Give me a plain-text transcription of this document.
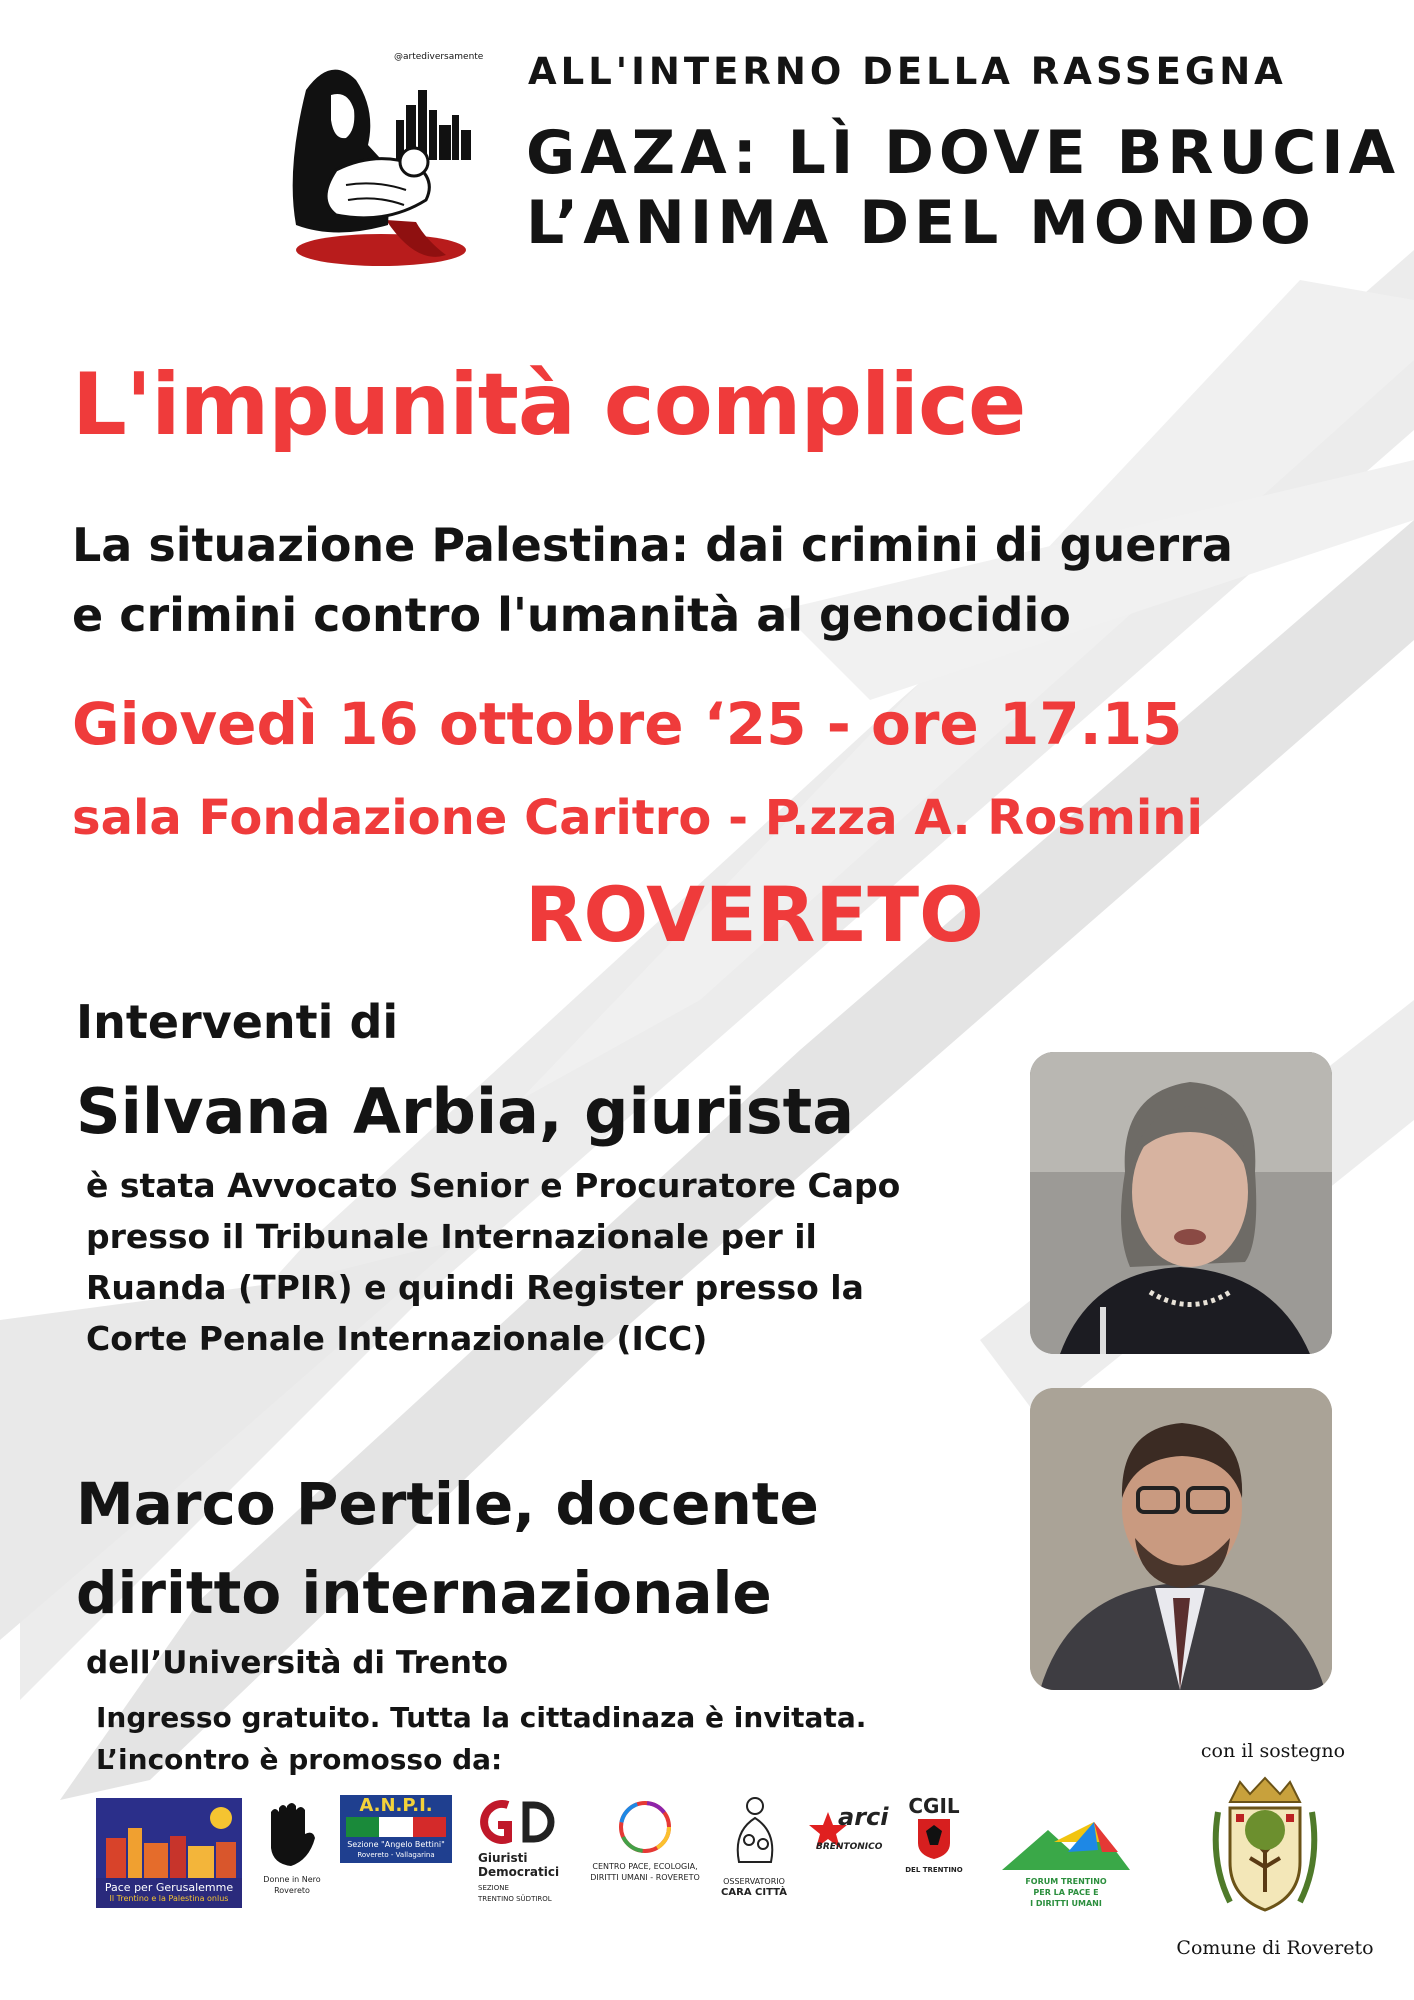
@artediversamente ALL'INTERNO DELLA RASSEGNA
GAZA: LÌ DOVE BRUCIA
L’ANIMA DEL MONDO
L'impunità complice
La situazione Palestina: dai crimini di guerra
e crimini contro l'umanità al genocidio
Giovedì 16 ottobre ‘25 - ore 17.15
sala Fondazione Caritro - P.zza A. Rosmini
ROVERETO
Interventi di
Silvana Arbia, giurista
è stata Avvocato Senior e Procuratore Capo
presso il Tribunale Internazionale per il
Ruanda (TPIR) e quindi Register presso la
Corte Penale Internazionale (ICC)
Marco Pertile, docente
diritto internazionale
dell’Università di Trento
Ingresso gratuito. Tutta la cittadinaza è invitata.
L’incontro è promosso da:
Pace per Gerusalemme
Il Trentino e la Palestina onlus
Donne in Nero
Rovereto
A.N.P.I.
Sezione "Angelo Bettini"
Rovereto - Vallagarina	Giuristi
Democratici
SEZIONE
TRENTINO SÜDTIROL
CENTRO PACE, ECOLOGIA,
DIRITTI UMANI - ROVERETO	OSSERVATORIO
CARA CITTÀ
arci
BRENTONICO
CGIL
DEL TRENTINO
FORUM TRENTINO
PER LA PACE E
I DIRITTI UMANI
con il sostegno
Comune di Rovereto
